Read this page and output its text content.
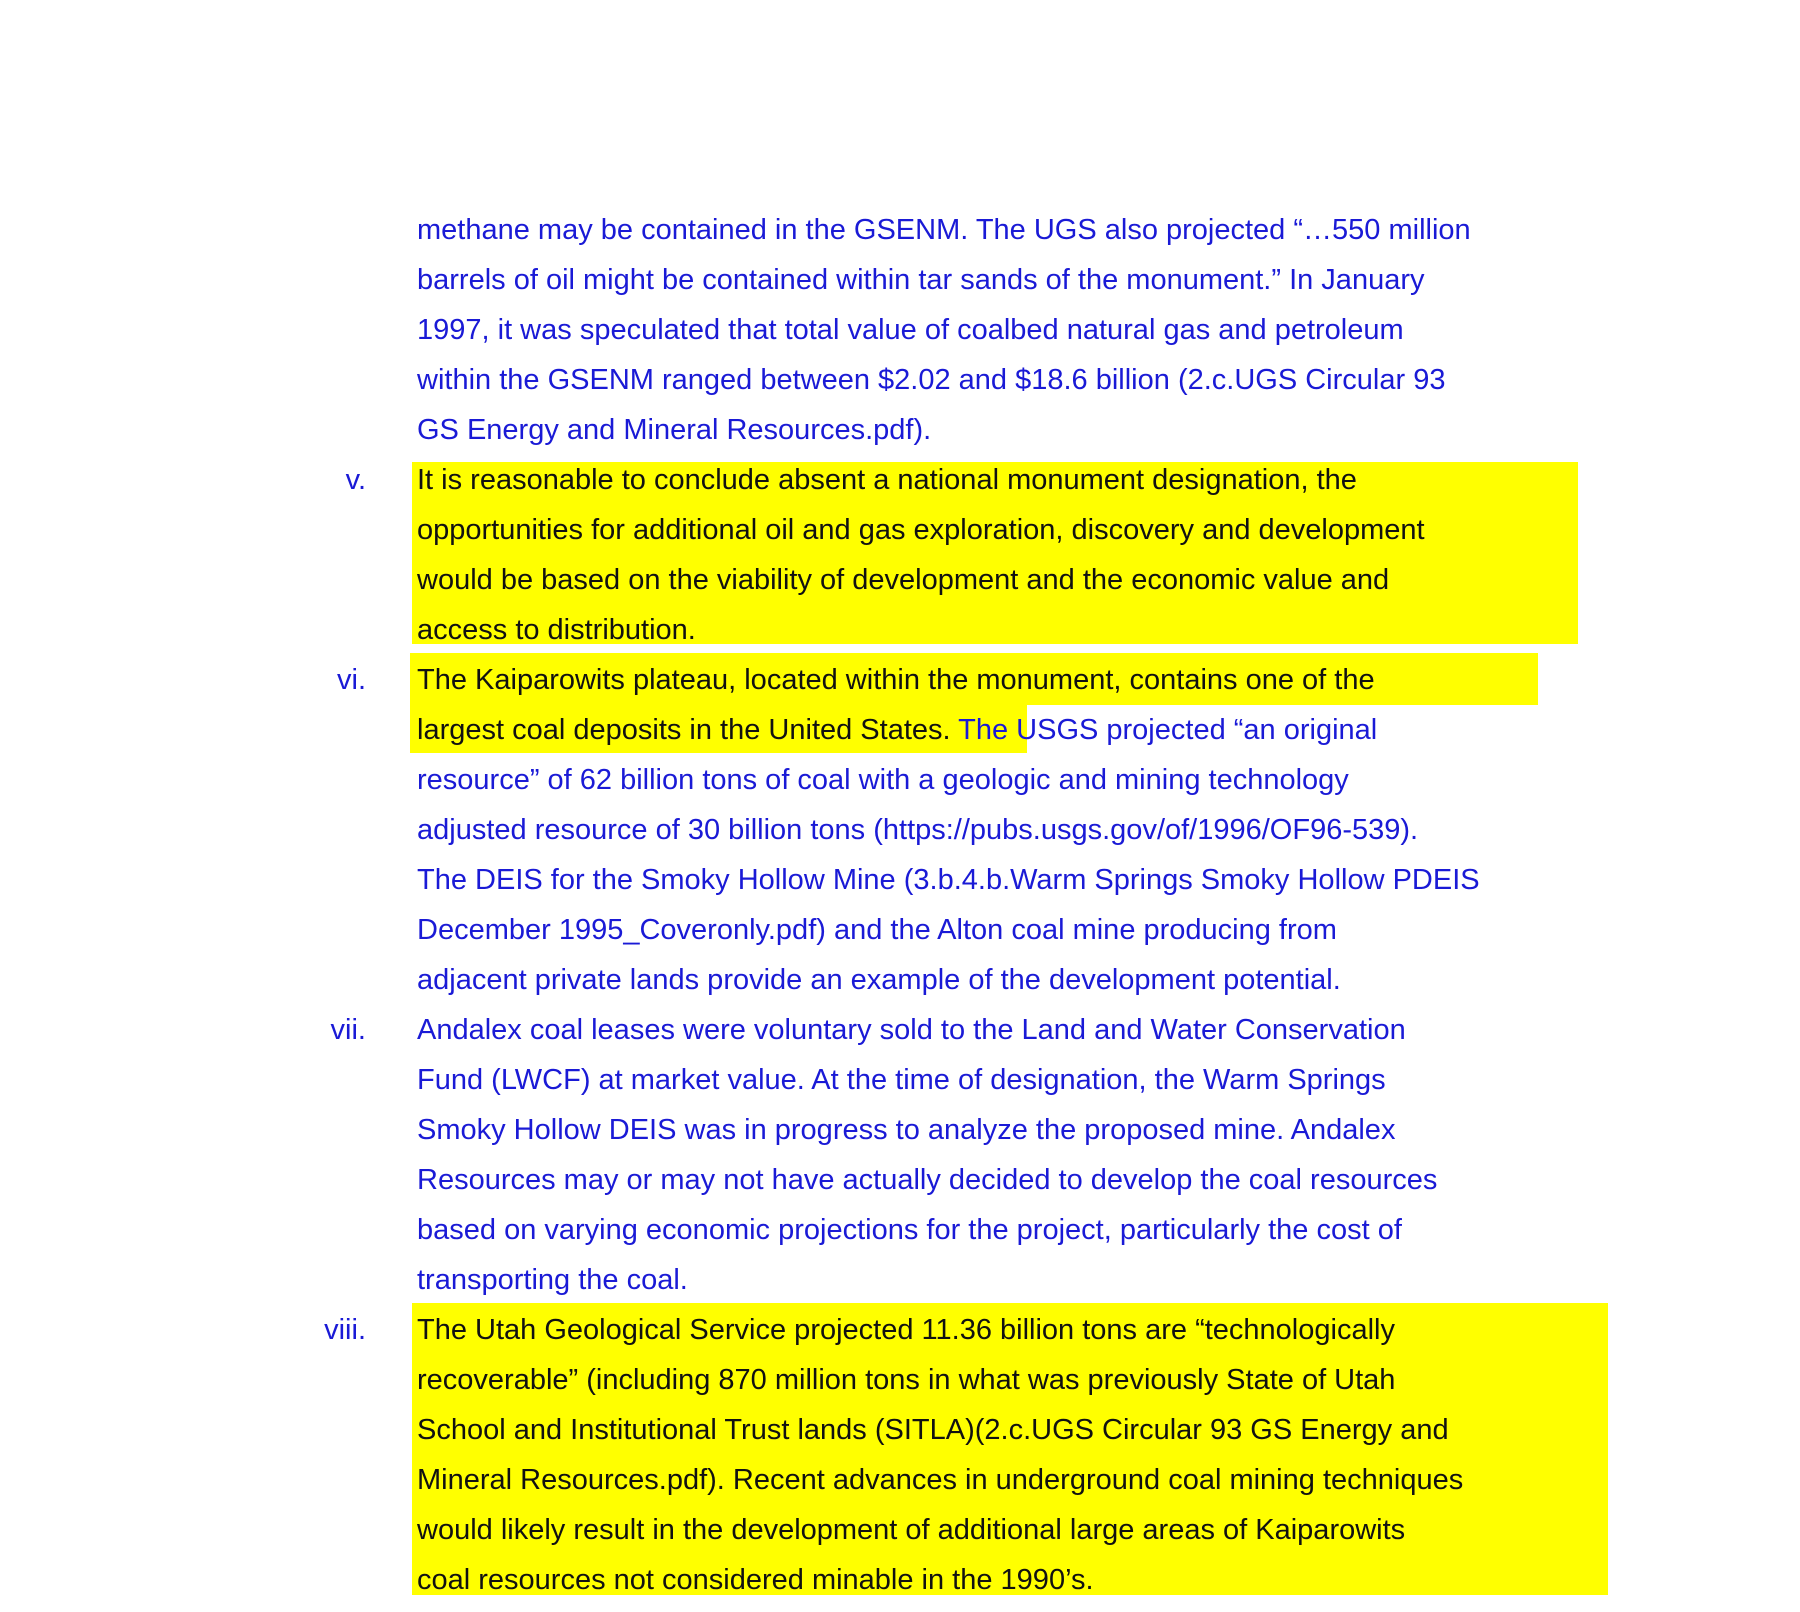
methane may be contained in the GSENM. The UGS also projected “…550 million
barrels of oil might be contained within tar sands of the monument.” In January
1997, it was speculated that total value of coalbed natural gas and petroleum
within the GSENM ranged between $2.02 and $18.6 billion (2.c.UGS Circular 93
GS Energy and Mineral Resources.pdf).
v. It is reasonable to conclude absent a national monument designation, the
opportunities for additional oil and gas exploration, discovery and development
would be based on the viability of development and the economic value and
access to distribution.
vi. The Kaiparowits plateau, located within the monument, contains one of the
largest coal deposits in the United States. The USGS projected “an original
resource” of 62 billion tons of coal with a geologic and mining technology
adjusted resource of 30 billion tons (https://pubs.usgs.gov/of/1996/OF96-539).
The DEIS for the Smoky Hollow Mine (3.b.4.b.Warm Springs Smoky Hollow PDEIS
December 1995_Coveronly.pdf) and the Alton coal mine producing from
adjacent private lands provide an example of the development potential.
vii. Andalex coal leases were voluntary sold to the Land and Water Conservation
Fund (LWCF) at market value. At the time of designation, the Warm Springs
Smoky Hollow DEIS was in progress to analyze the proposed mine. Andalex
Resources may or may not have actually decided to develop the coal resources
based on varying economic projections for the project, particularly the cost of
transporting the coal.
viii. The Utah Geological Service projected 11.36 billion tons are “technologically
recoverable” (including 870 million tons in what was previously State of Utah
School and Institutional Trust lands (SITLA)(2.c.UGS Circular 93 GS Energy and
Mineral Resources.pdf). Recent advances in underground coal mining techniques
would likely result in the development of additional large areas of Kaiparowits
coal resources not considered minable in the 1990’s.
